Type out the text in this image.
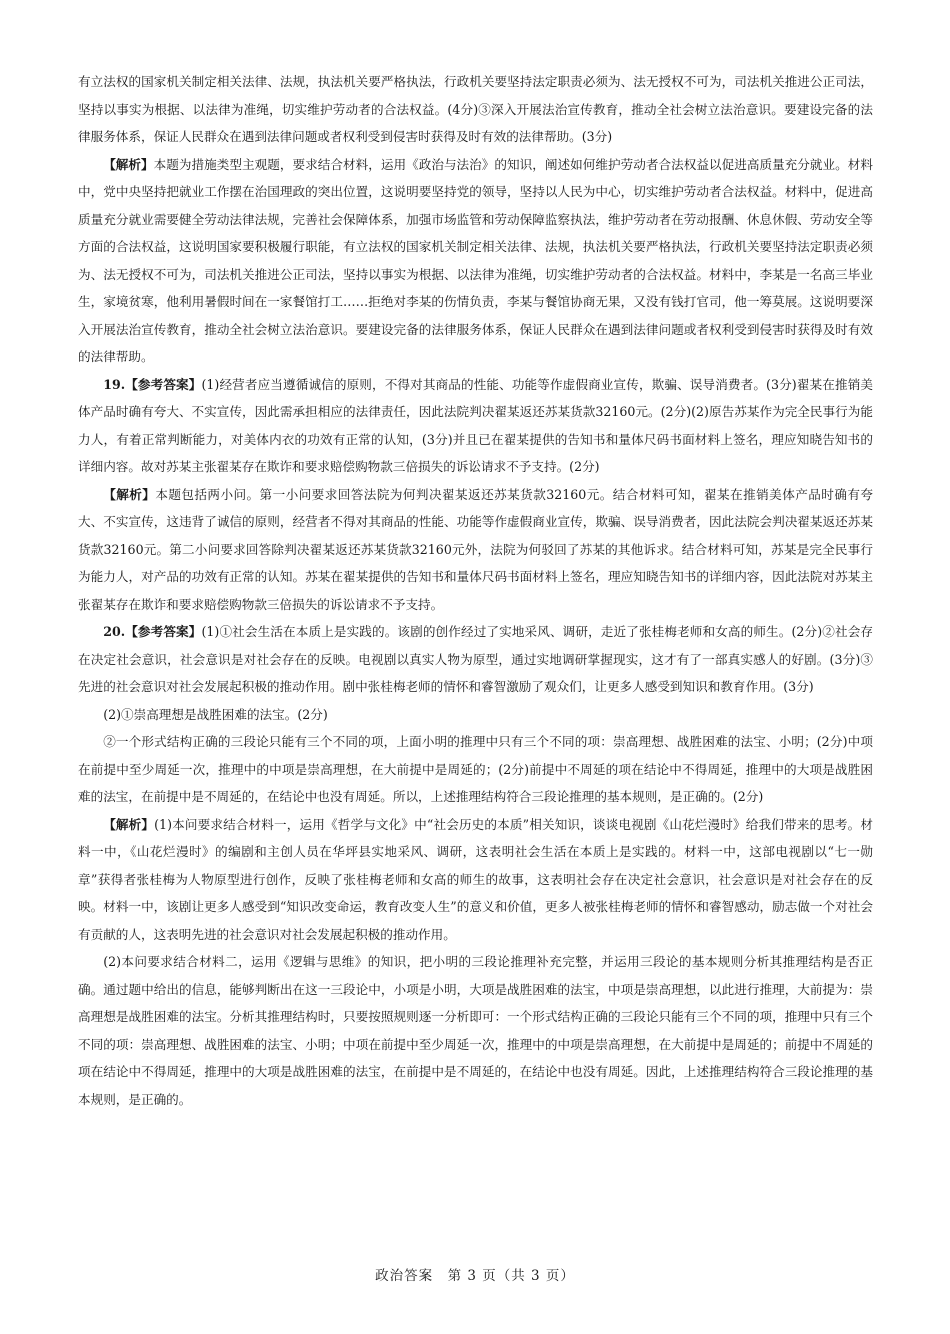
有立法权的国家机关制定相关法律、法规，执法机关要严格执法，行政机关要坚持法定职责必须为、法无授权不可为，司法机关推进公正司法，坚持以事实为根据、以法律为准绳，切实维护劳动者的合法权益。(4分)③深入开展法治宣传教育，推动全社会树立法治意识。要建设完备的法律服务体系，保证人民群众在遇到法律问题或者权利受到侵害时获得及时有效的法律帮助。(3分)

【解析】本题为措施类型主观题，要求结合材料，运用《政治与法治》的知识，阐述如何维护劳动者合法权益以促进高质量充分就业。材料中，党中央坚持把就业工作摆在治国理政的突出位置，这说明要坚持党的领导，坚持以人民为中心，切实维护劳动者合法权益。材料中，促进高质量充分就业需要健全劳动法律法规，完善社会保障体系，加强市场监管和劳动保障监察执法，维护劳动者在劳动报酬、休息休假、劳动安全等方面的合法权益，这说明国家要积极履行职能，有立法权的国家机关制定相关法律、法规，执法机关要严格执法，行政机关要坚持法定职责必须为、法无授权不可为，司法机关推进公正司法，坚持以事实为根据、以法律为准绳，切实维护劳动者的合法权益。材料中，李某是一名高三毕业生，家境贫寒，他利用暑假时间在一家餐馆打工……拒绝对李某的伤情负责，李某与餐馆协商无果，又没有钱打官司，他一筹莫展。这说明要深入开展法治宣传教育，推动全社会树立法治意识。要建设完备的法律服务体系，保证人民群众在遇到法律问题或者权利受到侵害时获得及时有效的法律帮助。

19.【参考答案】(1)经营者应当遵循诚信的原则，不得对其商品的性能、功能等作虚假商业宣传，欺骗、误导消费者。(3分)翟某在推销美体产品时确有夸大、不实宣传，因此需承担相应的法律责任，因此法院判决翟某返还苏某货款32160元。(2分)(2)原告苏某作为完全民事行为能力人，有着正常判断能力，对美体内衣的功效有正常的认知，(3分)并且已在翟某提供的告知书和量体尺码书面材料上签名，理应知晓告知书的详细内容。故对苏某主张翟某存在欺诈和要求赔偿购物款三倍损失的诉讼请求不予支持。(2分)

【解析】本题包括两小问。第一小问要求回答法院为何判决翟某返还苏某货款32160元。结合材料可知，翟某在推销美体产品时确有夸大、不实宣传，这违背了诚信的原则，经营者不得对其商品的性能、功能等作虚假商业宣传，欺骗、误导消费者，因此法院会判决翟某返还苏某货款32160元。第二小问要求回答除判决翟某返还苏某货款32160元外，法院为何驳回了苏某的其他诉求。结合材料可知，苏某是完全民事行为能力人，对产品的功效有正常的认知。苏某在翟某提供的告知书和量体尺码书面材料上签名，理应知晓告知书的详细内容，因此法院对苏某主张翟某存在欺诈和要求赔偿购物款三倍损失的诉讼请求不予支持。

20.【参考答案】(1)①社会生活在本质上是实践的。该剧的创作经过了实地采风、调研，走近了张桂梅老师和女高的师生。(2分)②社会存在决定社会意识，社会意识是对社会存在的反映。电视剧以真实人物为原型，通过实地调研掌握现实，这才有了一部真实感人的好剧。(3分)③先进的社会意识对社会发展起积极的推动作用。剧中张桂梅老师的情怀和睿智激励了观众们，让更多人感受到知识和教育作用。(3分)

(2)①崇高理想是战胜困难的法宝。(2分)

②一个形式结构正确的三段论只能有三个不同的项，上面小明的推理中只有三个不同的项：崇高理想、战胜困难的法宝、小明；(2分)中项在前提中至少周延一次，推理中的中项是崇高理想，在大前提中是周延的；(2分)前提中不周延的项在结论中不得周延，推理中的大项是战胜困难的法宝，在前提中是不周延的，在结论中也没有周延。所以，上述推理结构符合三段论推理的基本规则，是正确的。(2分)

【解析】(1)本问要求结合材料一，运用《哲学与文化》中“社会历史的本质”相关知识，谈谈电视剧《山花烂漫时》给我们带来的思考。材料一中，《山花烂漫时》的编剧和主创人员在华坪县实地采风、调研，这表明社会生活在本质上是实践的。材料一中，这部电视剧以“七一勋章”获得者张桂梅为人物原型进行创作，反映了张桂梅老师和女高的师生的故事，这表明社会存在决定社会意识，社会意识是对社会存在的反映。材料一中，该剧让更多人感受到“知识改变命运，教育改变人生”的意义和价值，更多人被张桂梅老师的情怀和睿智感动，励志做一个对社会有贡献的人，这表明先进的社会意识对社会发展起积极的推动作用。

(2)本问要求结合材料二，运用《逻辑与思维》的知识，把小明的三段论推理补充完整，并运用三段论的基本规则分析其推理结构是否正确。通过题中给出的信息，能够判断出在这一三段论中，小项是小明，大项是战胜困难的法宝，中项是崇高理想，以此进行推理，大前提为：崇高理想是战胜困难的法宝。分析其推理结构时，只要按照规则逐一分析即可：一个形式结构正确的三段论只能有三个不同的项，推理中只有三个不同的项：崇高理想、战胜困难的法宝、小明；中项在前提中至少周延一次，推理中的中项是崇高理想，在大前提中是周延的；前提中不周延的项在结论中不得周延，推理中的大项是战胜困难的法宝，在前提中是不周延的，在结论中也没有周延。因此，上述推理结构符合三段论推理的基本规则，是正确的。

政治答案　第 3 页（共 3 页）
